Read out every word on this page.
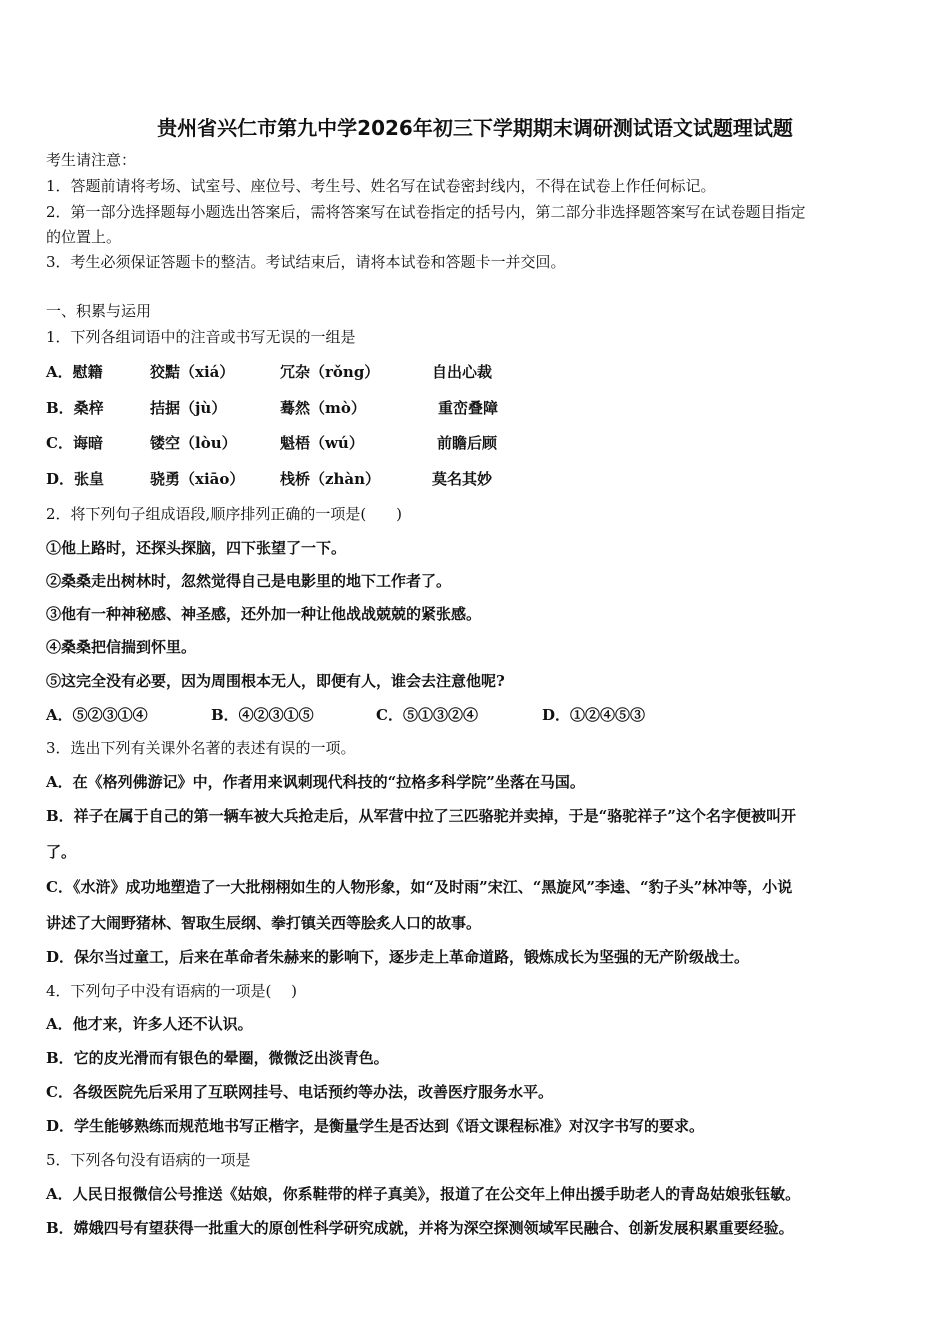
贵州省兴仁市第九中学2026年初三下学期期末调研测试语文试题理试题
考生请注意：
1．答题前请将考场、试室号、座位号、考生号、姓名写在试卷密封线内，不得在试卷上作任何标记。
2．第一部分选择题每小题选出答案后，需将答案写在试卷指定的括号内，第二部分非选择题答案写在试卷题目指定
的位置上。
3．考生必须保证答题卡的整洁。考试结束后，请将本试卷和答题卡一并交回。
一、积累与运用
1．下列各组词语中的注音或书写无误的一组是
A．慰籍	狡黠（xiá）	冗杂（rǒng）	自出心裁
B．桑梓	拮据（jù）	蓦然（mò）	重峦叠障
C．诲暗	镂空（lòu）	魁梧（wú）	前瞻后顾
D．张皇	骁勇（xiāo） 栈桥（zhàn）	莫名其妙
2．将下列句子组成语段,顺序排列正确的一项是(　　)
①他上路时，还探头探脑，四下张望了一下。
②桑桑走出树林时，忽然觉得自己是电影里的地下工作者了。
③他有一种神秘感、神圣感，还外加一种让他战战兢兢的紧张感。
④桑桑把信揣到怀里。
⑤这完全没有必要，因为周围根本无人，即便有人，谁会去注意他呢?
A．⑤②③①④	B．④②③①⑤	C．⑤①③②④	D．①②④⑤③
3．选出下列有关课外名著的表述有误的一项。
A．在《格列佛游记》中，作者用来讽刺现代科技的“拉格多科学院”坐落在马国。
B．祥子在属于自己的第一辆车被大兵抢走后，从军营中拉了三匹骆驼并卖掉，于是“骆驼祥子”这个名字便被叫开
了。
C．《水浒》成功地塑造了一大批栩栩如生的人物形象，如“及时雨”宋江、“黑旋风”李逵、“豹子头”林冲等，小说
讲述了大闹野猪林、智取生辰纲、拳打镇关西等脍炙人口的故事。
D．保尔当过童工，后来在革命者朱赫来的影响下，逐步走上革命道路，锻炼成长为坚强的无产阶级战士。
4．下列句子中没有语病的一项是(　 )
A．他才来，许多人还不认识。
B．它的皮光滑而有银色的晕圈，微微泛出淡青色。
C．各级医院先后采用了互联网挂号、电话预约等办法，改善医疗服务水平。
D．学生能够熟练而规范地书写正楷字，是衡量学生是否达到《语文课程标准》对汉字书写的要求。
5．下列各句没有语病的一项是
A．人民日报微信公号推送《姑娘，你系鞋带的样子真美》，报道了在公交年上伸出援手助老人的青岛姑娘张钰敏。
B．嫦娥四号有望获得一批重大的原创性科学研究成就，并将为深空探测领域军民融合、创新发展积累重要经验。
